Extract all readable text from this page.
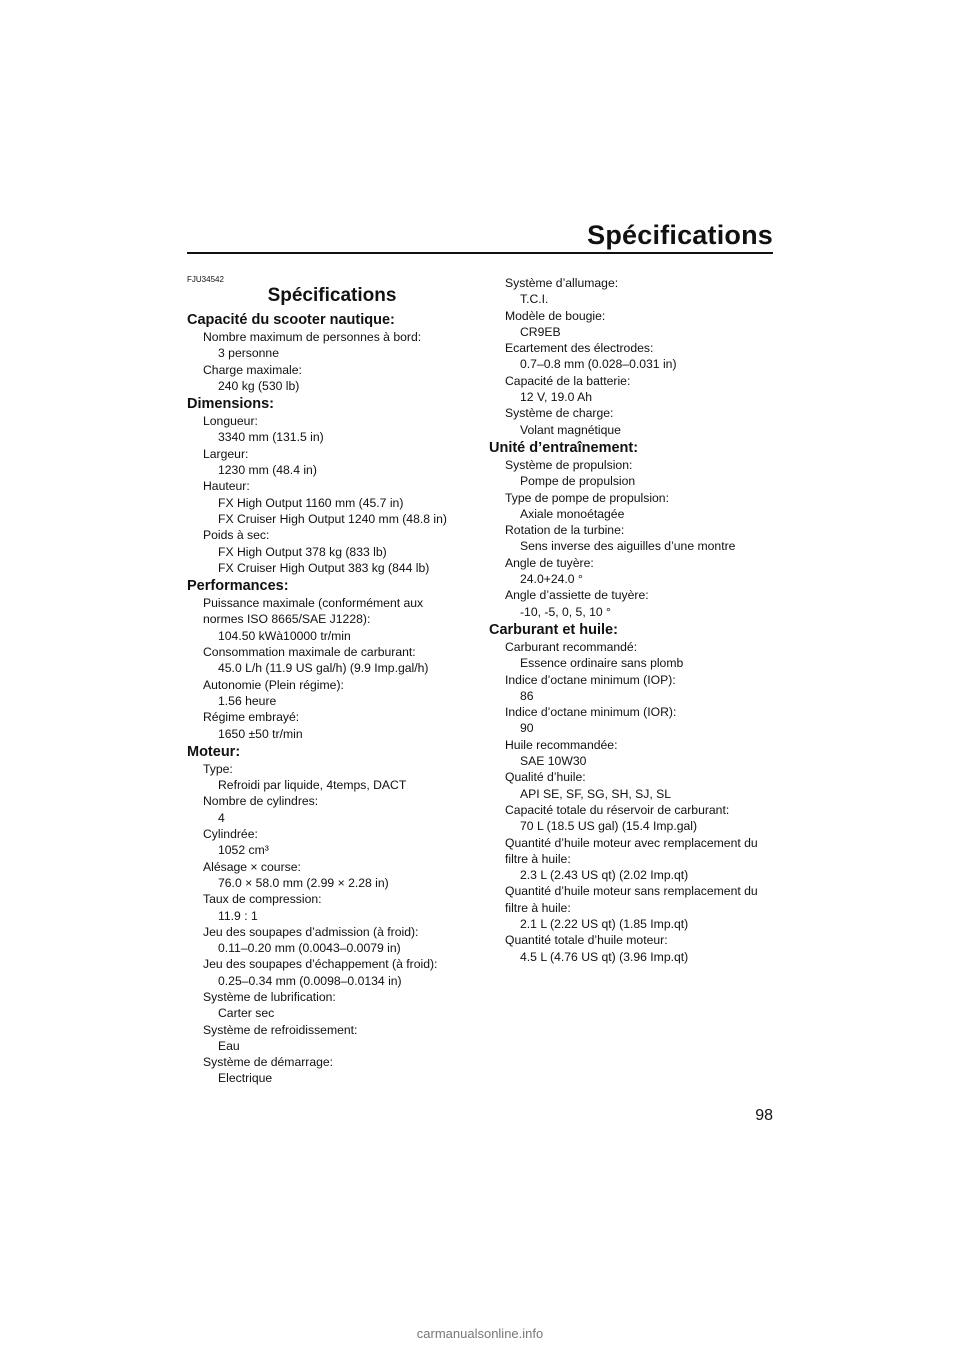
Spécifications
FJU34542
Spécifications
Capacité du scooter nautique:
Nombre maximum de personnes à bord:
3 personne
Charge maximale:
240 kg (530 lb)
Dimensions:
Longueur:
3340 mm (131.5 in)
Largeur:
1230 mm (48.4 in)
Hauteur:
FX High Output 1160 mm (45.7 in)
FX Cruiser High Output 1240 mm (48.8 in)
Poids à sec:
FX High Output 378 kg (833 lb)
FX Cruiser High Output 383 kg (844 lb)
Performances:
Puissance maximale (conformément aux
normes ISO 8665/SAE J1228):
104.50 kWà10000 tr/min
Consommation maximale de carburant:
45.0 L/h (11.9 US gal/h) (9.9 Imp.gal/h)
Autonomie (Plein régime):
1.56 heure
Régime embrayé:
1650 ±50 tr/min
Moteur:
Type:
Refroidi par liquide, 4temps, DACT
Nombre de cylindres:
4
Cylindrée:
1052 cm³
Alésage × course:
76.0 × 58.0 mm (2.99 × 2.28 in)
Taux de compression:
11.9 : 1
Jeu des soupapes d’admission (à froid):
0.11–0.20 mm (0.0043–0.0079 in)
Jeu des soupapes d’échappement (à froid):
0.25–0.34 mm (0.0098–0.0134 in)
Système de lubrification:
Carter sec
Système de refroidissement:
Eau
Système de démarrage:
Electrique
Système d’allumage:
T.C.I.
Modèle de bougie:
CR9EB
Ecartement des électrodes:
0.7–0.8 mm (0.028–0.031 in)
Capacité de la batterie:
12 V, 19.0 Ah
Système de charge:
Volant magnétique
Unité d’entraînement:
Système de propulsion:
Pompe de propulsion
Type de pompe de propulsion:
Axiale monoétagée
Rotation de la turbine:
Sens inverse des aiguilles d’une montre
Angle de tuyère:
24.0+24.0 °
Angle d’assiette de tuyère:
-10, -5, 0, 5, 10 °
Carburant et huile:
Carburant recommandé:
Essence ordinaire sans plomb
Indice d’octane minimum (IOP):
86
Indice d’octane minimum (IOR):
90
Huile recommandée:
SAE 10W30
Qualité d’huile:
API SE, SF, SG, SH, SJ, SL
Capacité totale du réservoir de carburant:
70 L (18.5 US gal) (15.4 Imp.gal)
Quantité d’huile moteur avec remplacement du
filtre à huile:
2.3 L (2.43 US qt) (2.02 Imp.qt)
Quantité d’huile moteur sans remplacement du
filtre à huile:
2.1 L (2.22 US qt) (1.85 Imp.qt)
Quantité totale d’huile moteur:
4.5 L (4.76 US qt) (3.96 Imp.qt)
98
carmanualsonline.info
